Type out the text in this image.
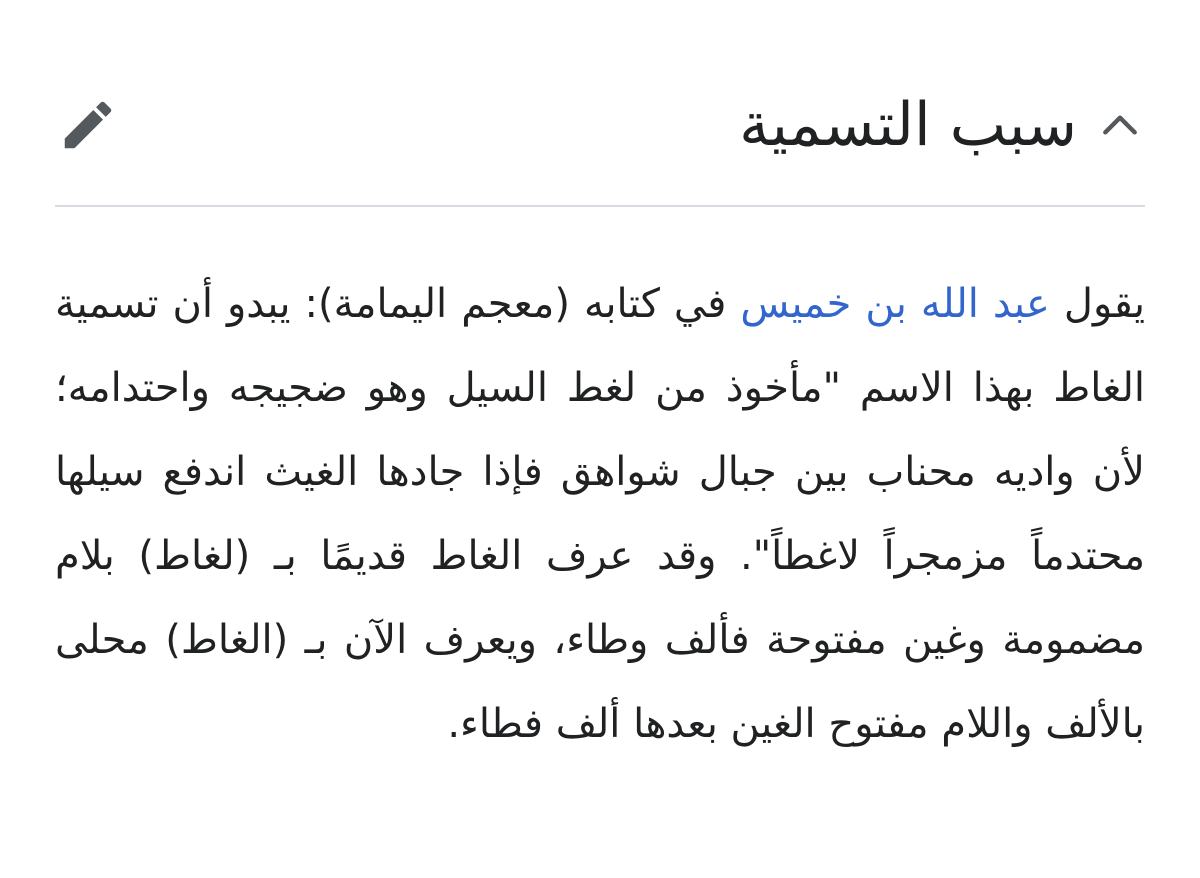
سبب التسمية

يقول عبد الله بن خميس في كتابه (معجم اليمامة): يبدو أن تسمية الغاط بهذا الاسم "مأخوذ من لغط السيل وهو ضجيجه واحتدامه؛ لأن واديه محناب بين جبال شواهق فإذا جادها الغيث اندفع سيلها محتدماً مزمجراً لاغطاً". وقد عرف الغاط قديمًا بـ (لغاط) بلام مضمومة وغين مفتوحة فألف وطاء، ويعرف الآن بـ (الغاط) محلى بالألف واللام مفتوح الغين بعدها ألف فطاء.
